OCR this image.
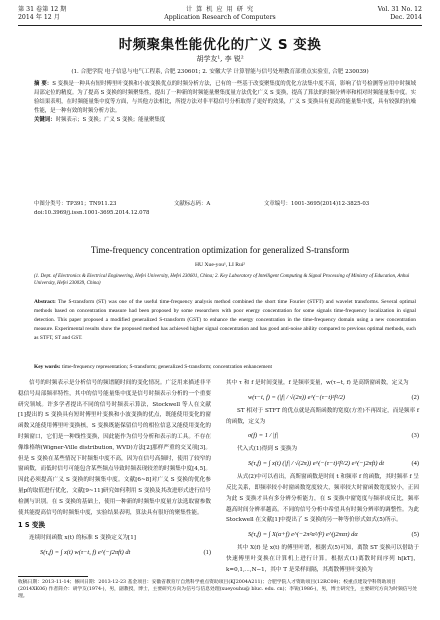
第 31 卷第 12 期
2014 年 12 月
计 算 机 应 用 研 究
Application Research of Computers
Vol. 31 No. 12
Dec. 2014
时频聚集性能优化的广义 S 变换
胡学友¹, 李 锐²
(1. 合肥学院 电子信息与电气工程系, 合肥 230601; 2. 安徽大学 计算智能与信号处理教育部重点实验室, 合肥 230039)
摘 要：S 变换是一种具有短时傅里叶变换和小波变换优点的时频分析方法，已有的一些基于改变聚集度的优化方法集中度不高，影响了信号检测等应用中时频域局部定位的精度。为了提高 S 变换的时频聚集性，提出了一种新的时频能量聚集度量方法优化广义 S 变换，提高了算法的时频分辨率和相对时频能量集中度。实验结果表明，在时频能量集中度等方面，与其他方法相比，所提方法对非平稳信号分析取得了更好的效果，广义 S 变换具有更高的能量集中度，具有较强的抗噪性能，是一种有效的时频分析方法。
关键词：时频表示；S 变换；广义 S 变换；能量聚集度
中图分类号：TP391；TN911.23	文献标志码：A	文章编号：1001-3695(2014)12-3825-03
doi:10.3969/j.issn.1001-3695.2014.12.078
Time-frequency concentration optimization for generalized S-transform
HU Xue-you¹, LI Rui²
(1. Dept. of Electronics & Electrical Engineering, Hefei University, Hefei 230601, China; 2. Key Laboratory of Intelligent Computing & Signal Processing of Ministry of Education, Anhui University, Hefei 230039, China)
Abstract: The S-transform (ST) was one of the useful time-frequency analysis method combined the short time Fourier (STFT) and wavelet transforms. Several optimal methods based on concentration measure had been proposed by some researchers with poor energy concentration for some signals time-frequency localization in signal detection. This paper proposed a modified generalized S-transform (GST) to enhance the energy concentration in the time-frequency domain using a new concentration measure. Experimental results show the proposed method has achieved higher signal concentration and has good anti-noise ability compared to previous optimal methods, such as STFT, ST and GST.
Key words: time-frequency representation; S-transform; generalized S-transform; concentration enhancement

信号的时频表示是分析信号的频谱随时间的变化情况。广泛用来描述非平稳信号局部频率特性，其中的信号能量集中度是信号时频表示分析的一个重要研究领域。许多学者提出不同的信号时频表示算法，Stockwell 等人在文献[1]提出的 S 变换具有短时傅里叶变换和小波变换的优点，既能使用变化的窗函数又能使用傅里叶变换核，S 变换既能保留信号的相位信息又能使用变化的时频窗口，它们是一种线性变换，因此能作为信号分析和表示的工具。不存在像维格纳(Wigner-Ville distribution, WVD)方法[2]那样严重的交叉项[3]。但是 S 变换在某些情况下时频集中度不高，因为在信号高频时，使用了较窄的窗函数，而低时信号可能包含某些频点导致时频表现较差的时频集中度[4,5]。因此必须提高广义 S 变换的时频集中度。文献[6~8]对广义 S 变换的优化参量p的取值进行优化，文献[9~11]研究如何利用 S 变换及其改进形式进行信号检测与识别。在 S 变换的基础上，使用一种新的时频集中度量方法选取窗参数使其能提高信号的时频集中度，实验结果表明，算法具有很好的聚集性能。

1 S 变换

连续时间函数 x(t) 的标准 S 变换定义为[1]

S(τ,f) = ∫ x(t) w(τ−t, f) e^(−j2πft) dt	(1)

其中 τ 和 f 是时间变量，f 是频率变量，w(τ−t, f) 是高斯窗函数，定义为

w(τ−t, f) = (|f| / √(2π)) e^(−(τ−t)²f²/2)	(2)

ST 相对于 STFT 的优点就是高斯函数的宽度(方差)不再固定，而是频率 f 的函数，定义为

σ(f) = 1 / |f|	(3)

代入式(1)得到 S 变换为

S(τ,f) = ∫ x(t) (|f| / √(2π)) e^(−(τ−t)²f²/2) e^(−j2πft) dt	(4)

从式(2)中可以看出，高斯窗函数是时间 t 和频率 f 的函数，其时频率 f 呈反比关系，即频率较小时窗函数宽度较大，频率较大时窗函数宽度较小，正因为此 S 变换才具有多分辨分析能力，在 S 变换中窗宽度与频率成反比，频率越高时间分辨率越高。不同的信号分析中希望具有时频分辨率的调整性。为此 Stockwell 在文献[1]中提出了 S 变换的另一种等价形式如式(5)所示。

S(τ,f) = ∫ X(α+f) e^(−2π²α²/f²) e^(j2πατ) dα	(5)

其中 X(f) 是 x(t) 的傅里叶谱，根据式(5)可知，离散 ST 变换可以借助于快速傅里叶变换在计算机上进行计算。根据式(1)离散时间序列 h[kT]，k=0,1,⋯,N−1，其中 T 是采样间隔，其离散傅里叶变换为

收稿日期：2013-11-14；修回日期：2013-12-23 基金项目：安徽省教育厅自然科学重点资助项目(KJ2004A211)；合肥学院人才资助项目(12RC09)；校重点建设学科资助项目(2014XK06) 作者简介：胡学友(1974-)，男，副教授，博士，主要研究方向为信号与信息处理(xueyouhu@ bluc. edu. cn)；李锐(1986-)，男，博士研究生，主要研究方向为时频信号处理。
